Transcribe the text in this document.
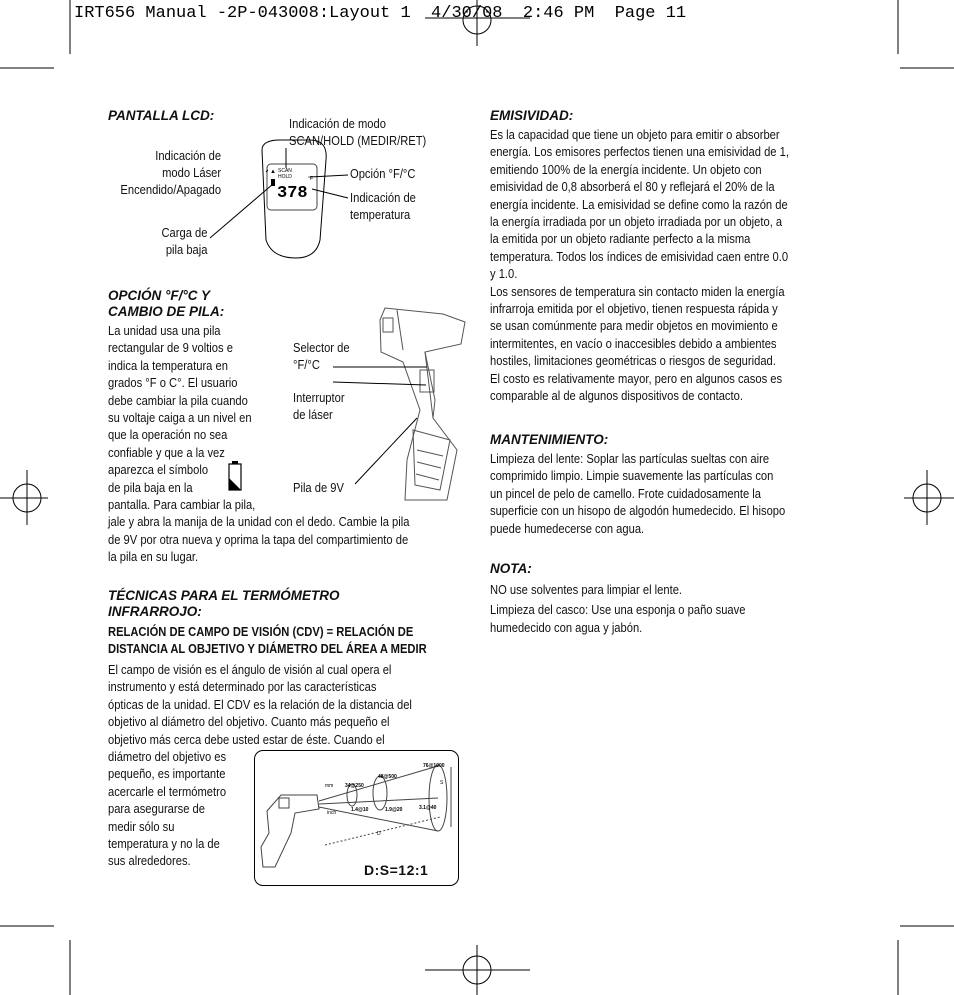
IRT656 Manual -2P-043008:Layout 1  4/30/08  2:46 PM  Page 11
PANTALLA LCD:
Indicación de modo
SCAN/HOLD (MEDIR/RET)
Indicación de
modo Láser
Encendido/Apagado
Opción °F/°C
Indicación de
temperatura
Carga de
pila baja
SCAN
HOLD
▲
378
°F
OPCIÓN °F/°C Y
CAMBIO DE PILA:
La unidad usa una pila
rectangular de 9 voltios e
indica la temperatura en
grados °F o C°. El usuario
debe cambiar la pila cuando
su voltaje caiga a un nivel en
que la operación no sea
confiable y que a la vez
aparezca el símbolo
de pila baja en la
pantalla. Para cambiar la pila,
jale y abra la manija de la unidad con el dedo. Cambie la pila
de 9V por otra nueva y oprima la tapa del compartimiento de
la pila en su lugar.
Selector de
°F/°C
Interruptor
de láser
Pila de 9V
TÉCNICAS PARA EL TERMÓMETRO
INFRARROJO:
RELACIÓN DE CAMPO DE VISIÓN (CDV) = RELACIÓN DE
DISTANCIA AL OBJETIVO Y DIÁMETRO DEL ÁREA A MEDIR
El campo de visión es el ángulo de visión al cual opera el
instrumento y está determinado por las características
ópticas de la unidad. El CDV es la relación de la distancia del
objetivo al diámetro del objetivo. Cuanto más pequeño el
objetivo más cerca debe usted estar de éste. Cuando el
diámetro del objetivo es
pequeño, es importante
acercarle el termómetro
para asegurarse de
medir sólo su
temperatura y no la de
sus alrededores.
mm 34@250
48@500
76@1000
inch	1.4@10	1.9@20	3.1@40
D
S
D:S=12:1
EMISIVIDAD:
Es la capacidad que tiene un objeto para emitir o absorber
energía. Los emisores perfectos tienen una emisividad de 1,
emitiendo 100% de la energía incidente. Un objeto con
emisividad de 0,8 absorberá el 80 y reflejará el 20% de la
energía incidente. La emisividad se define como la razón de
la energía irradiada por un objeto irradiada por un objeto, a
la emitida por un objeto radiante perfecto a la misma
temperatura. Todos los índices de emisividad caen entre 0.0
y 1.0.
Los sensores de temperatura sin contacto miden la energía
infrarroja emitida por el objetivo, tienen respuesta rápida y
se usan comúnmente para medir objetos en movimiento e
intermitentes, en vacío o inaccesibles debido a ambientes
hostiles, limitaciones geométricas o riesgos de seguridad.
El costo es relativamente mayor, pero en algunos casos es
comparable al de algunos dispositivos de contacto.
MANTENIMIENTO:
Limpieza del lente: Soplar las partículas sueltas con aire
comprimido limpio. Limpie suavemente las partículas con
un pincel de pelo de camello. Frote cuidadosamente la
superficie con un hisopo de algodón humedecido. El hisopo
puede humedecerse con agua.
NOTA:
NO use solventes para limpiar el lente.
Limpieza del casco: Use una esponja o paño suave
humedecido con agua y jabón.
